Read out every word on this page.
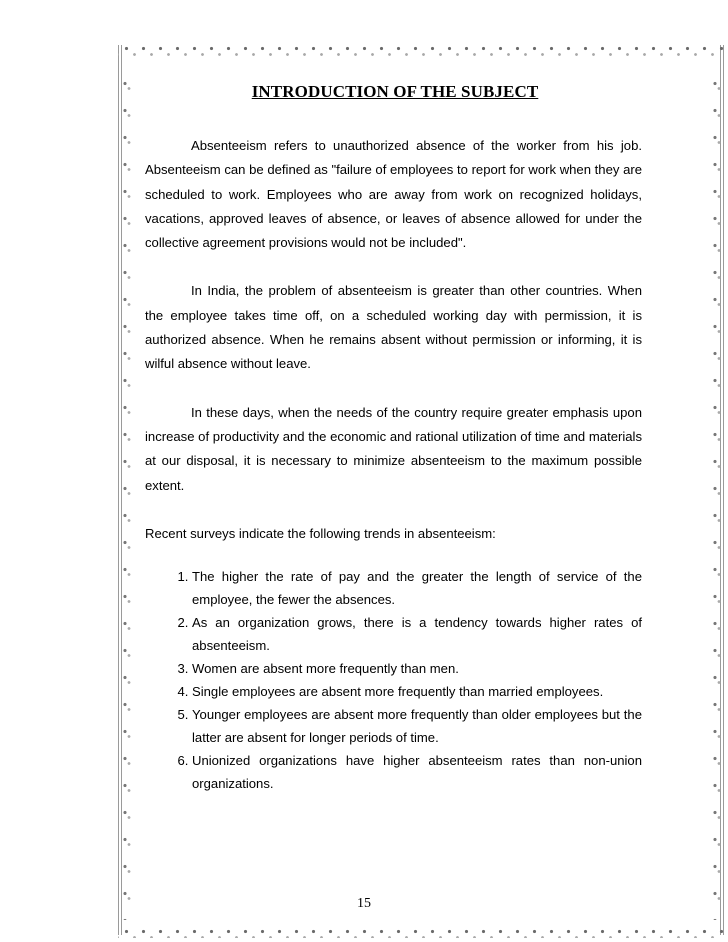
INTRODUCTION OF THE SUBJECT

Absenteeism refers to unauthorized absence of the worker from his job. Absenteeism can be defined as "failure of employees to report for work when they are scheduled to work. Employees who are away from work on recognized holidays, vacations, approved leaves of absence, or leaves of absence allowed for under the collective agreement provisions would not be included".

In India, the problem of absenteeism is greater than other countries. When the employee takes time off, on a scheduled working day with permission, it is authorized absence. When he remains absent without permission or informing, it is wilful absence without leave.

In these days, when the needs of the country require greater emphasis upon increase of productivity and the economic and rational utilization of time and materials at our disposal, it is necessary to minimize absenteeism to the maximum possible extent.

Recent surveys indicate the following trends in absenteeism:

1. The higher the rate of pay and the greater the length of service of the employee, the fewer the absences.
2. As an organization grows, there is a tendency towards higher rates of absenteeism.
3. Women are absent more frequently than men.
4. Single employees are absent more frequently than married employees.
5. Younger employees are absent more frequently than older employees but the latter are absent for longer periods of time.
6. Unionized organizations have higher absenteeism rates than non-union organizations.
15
